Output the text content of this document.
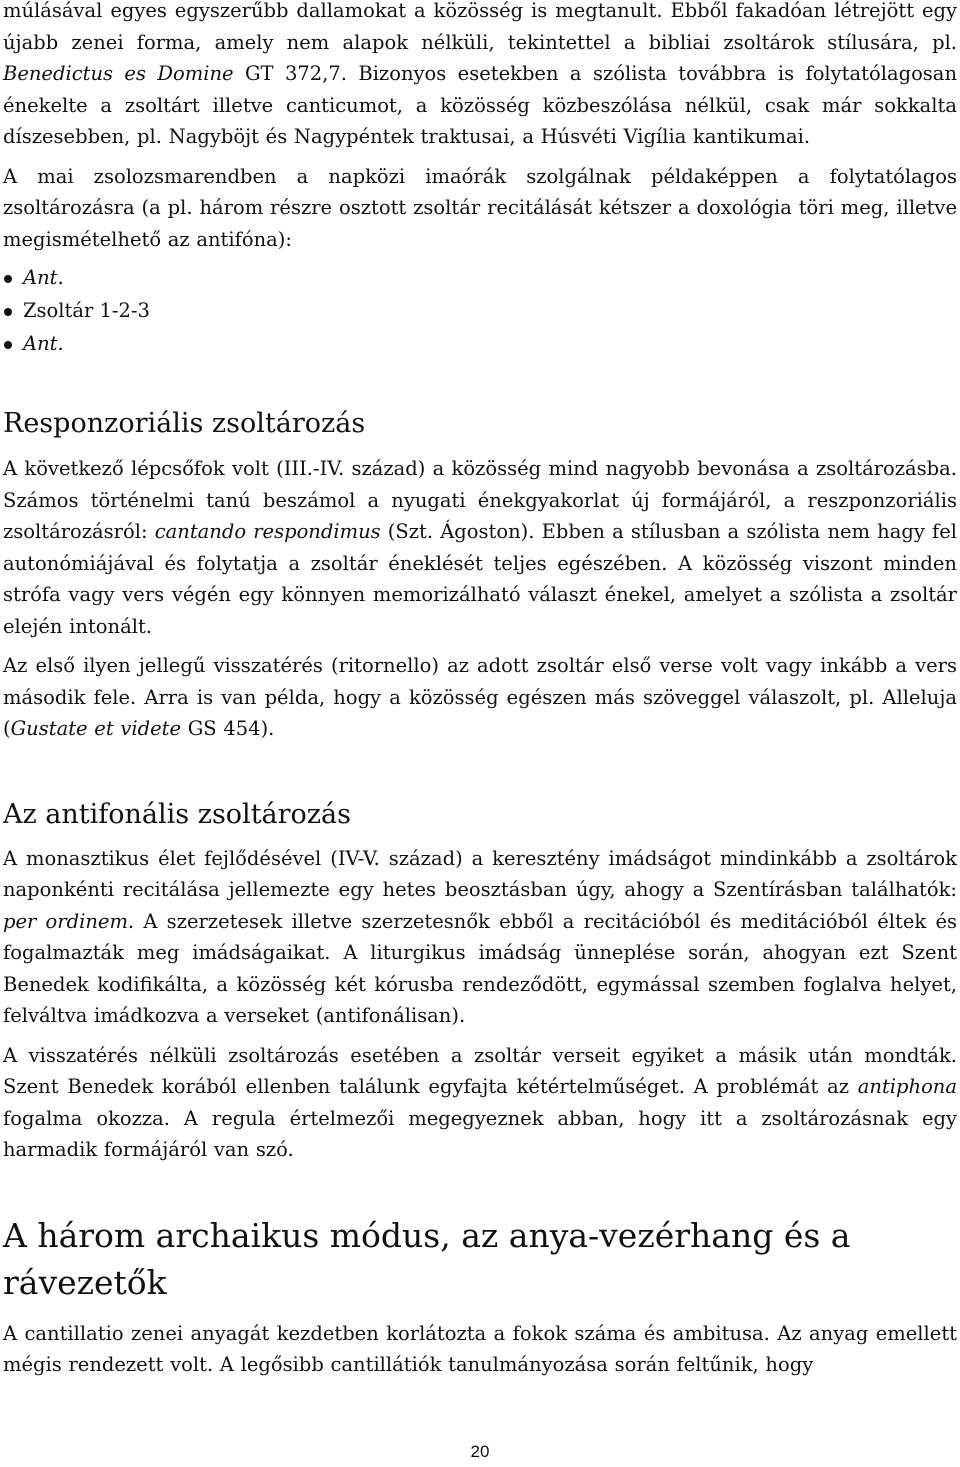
múlásával egyes egyszerűbb dallamokat a közösség is megtanult. Ebből fakadóan létrejött egy újabb zenei forma, amely nem alapok nélküli, tekintettel a bibliai zsoltárok stílusára, pl. Benedictus es Domine GT 372,7. Bizonyos esetekben a szólista továbbra is folytatólagosan énekelte a zsoltárt illetve canticumot, a közösség közbeszólása nélkül, csak már sokkalta díszesebben, pl. Nagyböjt és Nagypéntek traktusai, a Húsvéti Vigília kantikumai.

A mai zsolozsmarendben a napközi imaórák szolgálnak példaképpen a folytatólagos zsoltározásra (a pl. három részre osztott zsoltár recitálását kétszer a doxológia töri meg, illetve megismételhető az antifóna):

Ant.
Zsoltár 1-2-3
Ant.
Responzoriális zsoltározás

A következő lépcsőfok volt (III.-IV. század) a közösség mind nagyobb bevonása a zsoltározásba. Számos történelmi tanú beszámol a nyugati énekgyakorlat új formájáról, a reszponzoriális zsoltározásról: cantando respondimus (Szt. Ágoston). Ebben a stílusban a szólista nem hagy fel autonómiájával és folytatja a zsoltár éneklését teljes egészében. A közösség viszont minden strófa vagy vers végén egy könnyen memorizálható választ énekel, amelyet a szólista a zsoltár elején intonált.

Az első ilyen jellegű visszatérés (ritornello) az adott zsoltár első verse volt vagy inkább a vers második fele. Arra is van példa, hogy a közösség egészen más szöveggel válaszolt, pl. Alleluja (Gustate et videte GS 454).

Az antifonális zsoltározás

A monasztikus élet fejlődésével (IV-V. század) a keresztény imádságot mindinkább a zsoltárok naponkénti recitálása jellemezte egy hetes beosztásban úgy, ahogy a Szentírásban találhatók: per ordinem. A szerzetesek illetve szerzetesnők ebből a recitációból és meditációból éltek és fogalmazták meg imádságaikat. A liturgikus imádság ünneplése során, ahogyan ezt Szent Benedek kodifikálta, a közösség két kórusba rendeződött, egymással szemben foglalva helyet, felváltva imádkozva a verseket (antifonálisan).

A visszatérés nélküli zsoltározás esetében a zsoltár verseit egyiket a másik után mondták. Szent Benedek korából ellenben találunk egyfajta kétértelműséget. A problémát az antiphona fogalma okozza. A regula értelmezői megegyeznek abban, hogy itt a zsoltározásnak egy harmadik formájáról van szó.

A három archaikus módus, az anya-vezérhang és a rávezetők

A cantillatio zenei anyagát kezdetben korlátozta a fokok száma és ambitusa. Az anyag emellett mégis rendezett volt. A legősibb cantillátiók tanulmányozása során feltűnik, hogy

20
